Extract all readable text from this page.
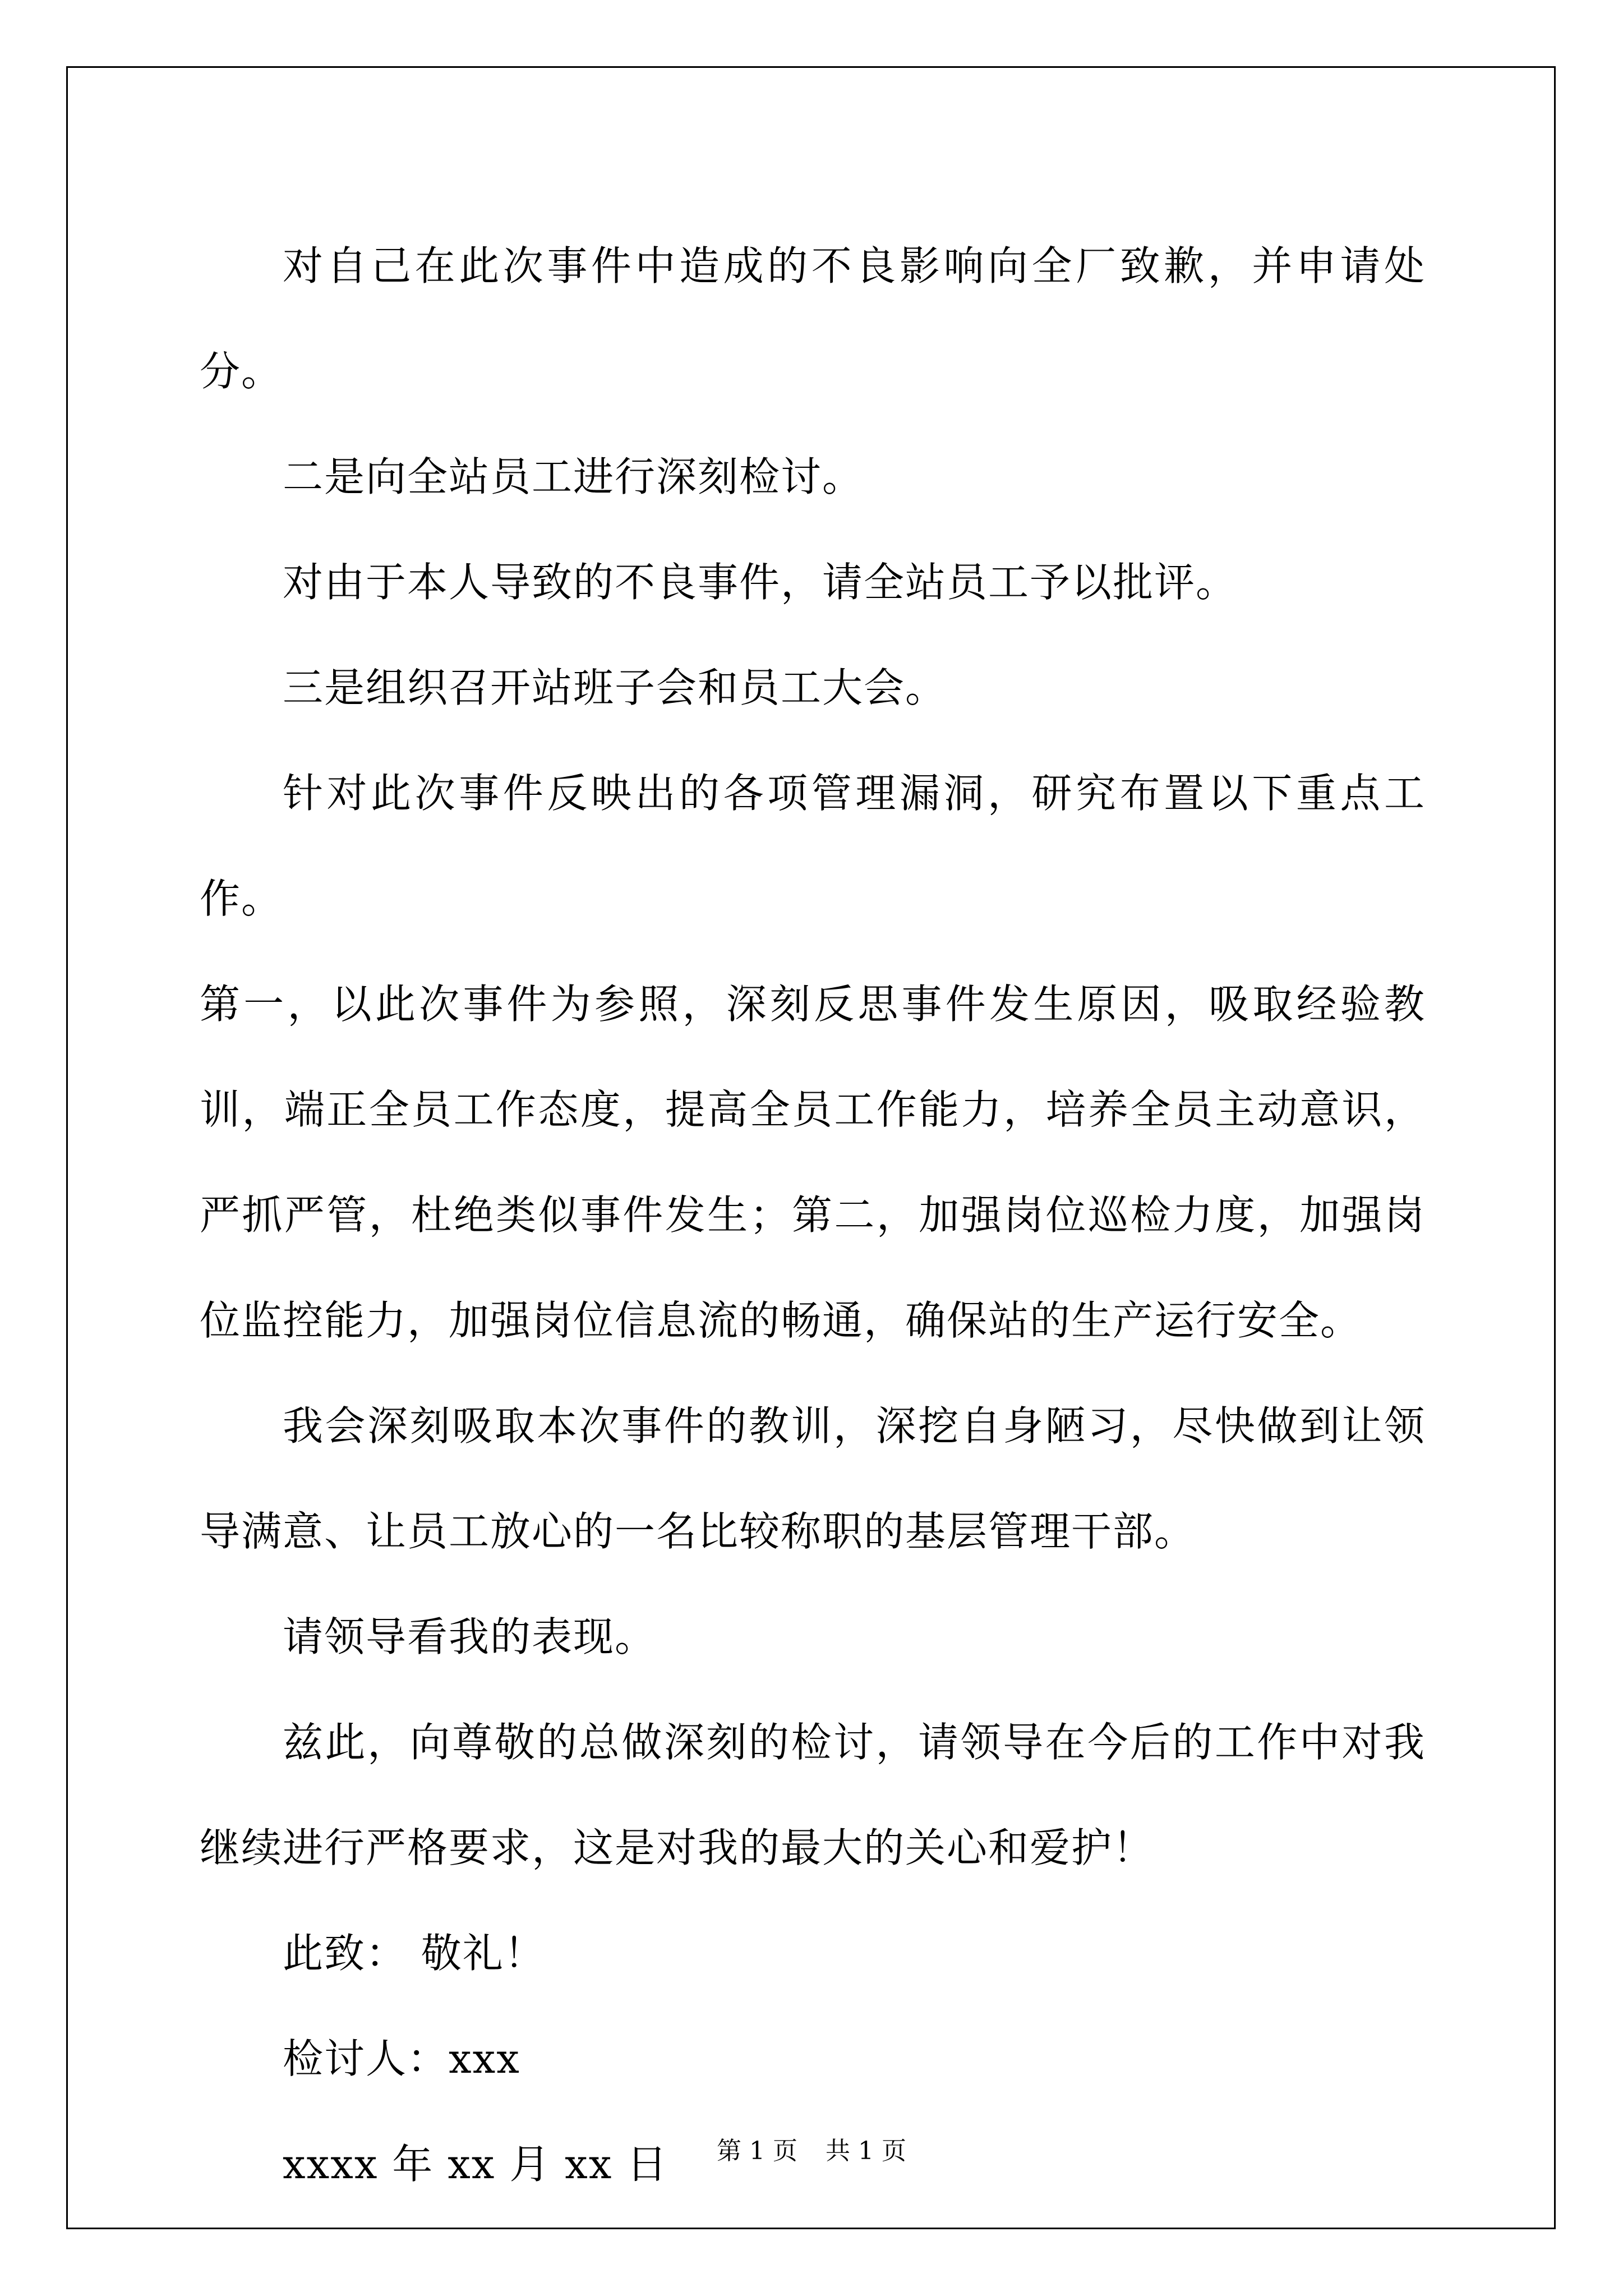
对自己在此次事件中造成的不良影响向全厂致歉，并申请处分。

二是向全站员工进行深刻检讨。

对由于本人导致的不良事件，请全站员工予以批评。

三是组织召开站班子会和员工大会。

针对此次事件反映出的各项管理漏洞，研究布置以下重点工作。

第一，以此次事件为参照，深刻反思事件发生原因，吸取经验教训，端正全员工作态度，提高全员工作能力，培养全员主动意识，严抓严管，杜绝类似事件发生；第二，加强岗位巡检力度，加强岗位监控能力，加强岗位信息流的畅通，确保站的生产运行安全。

我会深刻吸取本次事件的教训，深挖自身陋习，尽快做到让领导满意、让员工放心的一名比较称职的基层管理干部。

请领导看我的表现。

兹此，向尊敬的总做深刻的检讨，请领导在今后的工作中对我继续进行严格要求，这是对我的最大的关心和爱护！

此致： 敬礼！

检讨人：xxx

xxxx 年 xx 月 xx 日	第 1 页 共 1 页
